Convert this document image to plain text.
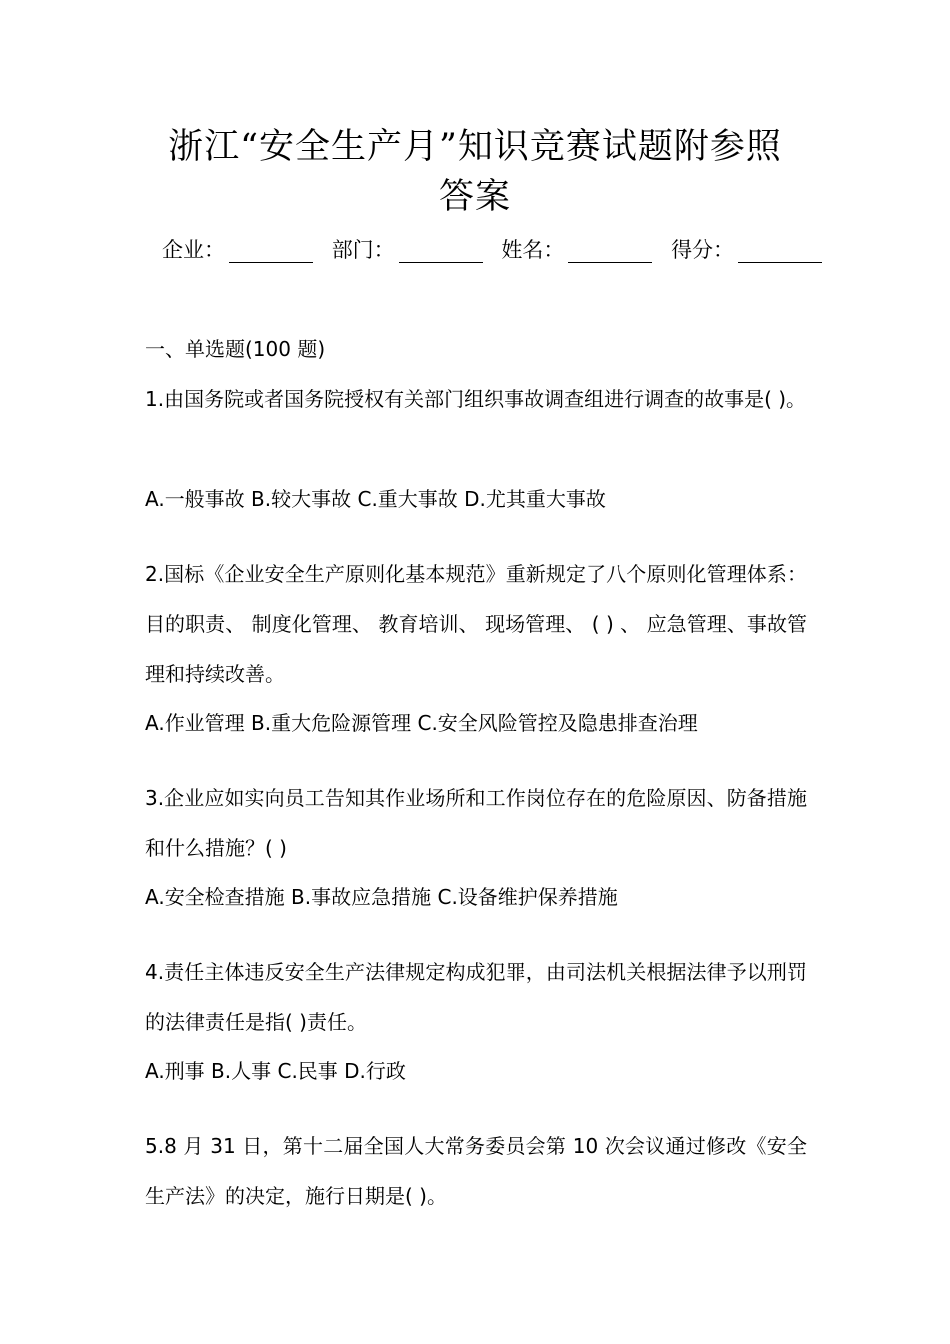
浙江“安全生产月”知识竞赛试题附参照
答案
企业：	部门：	姓名：	得分：
一、单选题(100 题)
1.由国务院或者国务院授权有关部门组织事故调查组进行调查的故事是( )。
A.一般事故 B.较大事故 C.重大事故 D.尤其重大事故
2.国标《企业安全生产原则化基本规范》重新规定了八个原则化管理体系： 目的职责、 制度化管理、 教育培训、 现场管理、 ( ) 、 应急管理、事故管理和持续改善。
A.作业管理 B.重大危险源管理 C.安全风险管控及隐患排查治理
3.企业应如实向员工告知其作业场所和工作岗位存在的危险原因、防备措施和什么措施？( )
A.安全检查措施 B.事故应急措施 C.设备维护保养措施
4.责任主体违反安全生产法律规定构成犯罪，由司法机关根据法律予以刑罚的法律责任是指( )责任。
A.刑事 B.人事 C.民事 D.行政
5.8 月 31 日，第十二届全国人大常务委员会第 10 次会议通过修改《安全生产法》的决定，施行日期是( )。
